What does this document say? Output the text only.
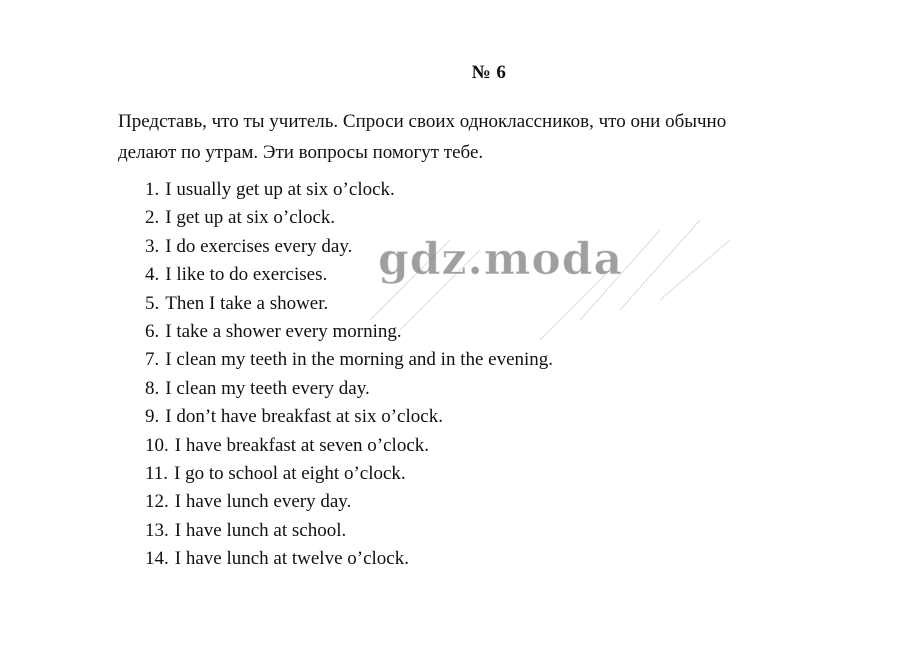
№ 6

Представь, что ты учитель. Спроси своих одноклассников, что они обычно

делают по утрам. Эти вопросы помогут тебе.

1. I usually get up at six o’clock.
2. I get up at six o’clock.
3. I do exercises every day.
4. I like to do exercises.
5. Then I take a shower.
6. I take a shower every morning.
7. I clean my teeth in the morning and in the evening.
8. I clean my teeth every day.
9. I don’t have breakfast at six o’clock.
10. I have breakfast at seven o’clock.
11. I go to school at eight o’clock.
12. I have lunch every day.
13. I have lunch at school.
14. I have lunch at twelve o’clock.
gdz.moda
